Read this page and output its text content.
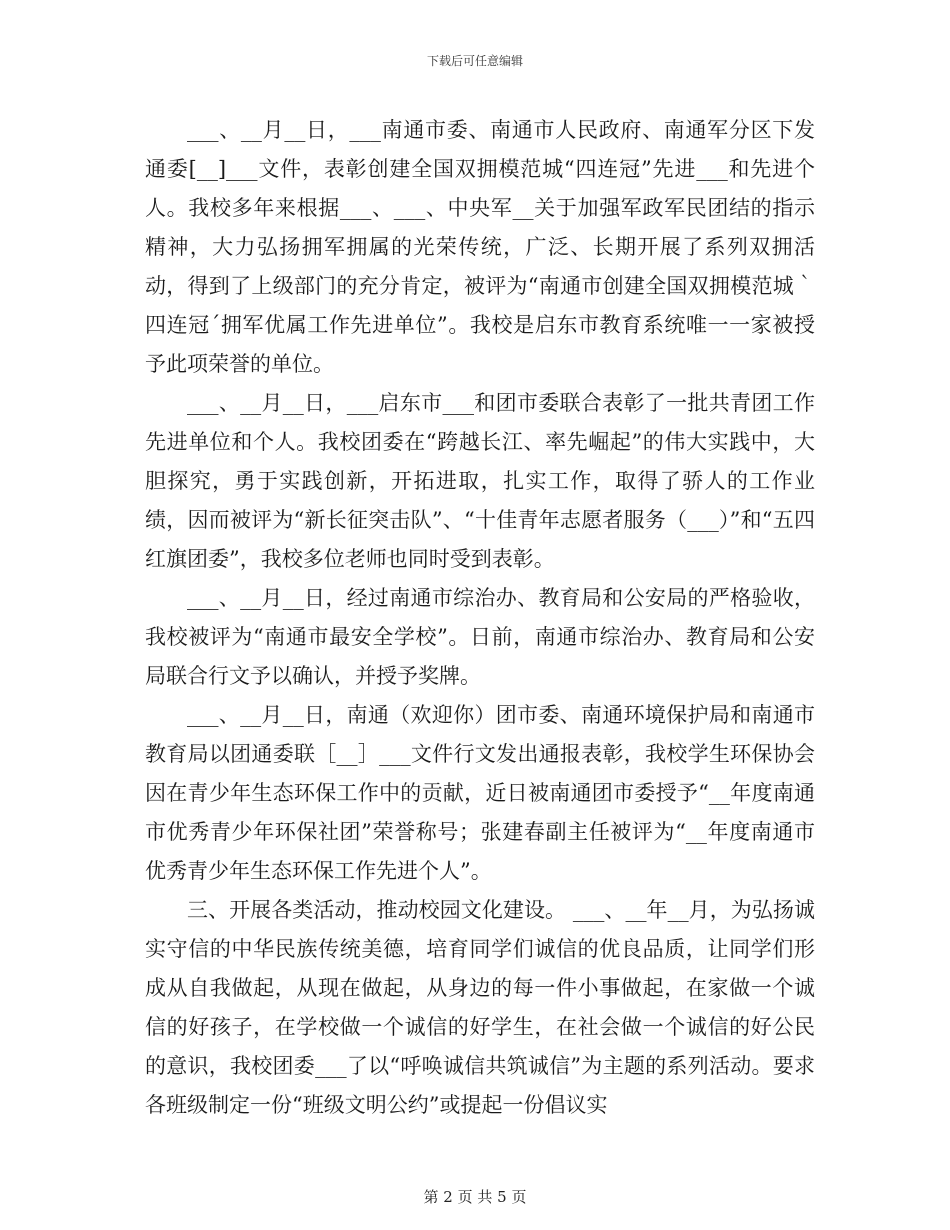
下载后可任意编辑

___、__月__日，___南通市委、南通市人民政府、南通军分区下发通委[__]___文件，表彰创建全国双拥模范城“四连冠”先进___和先进个人。我校多年来根据___、___、中央军__关于加强军政军民团结的指示精神，大力弘扬拥军拥属的光荣传统，广泛、长期开展了系列双拥活动，得到了上级部门的充分肯定，被评为“南通市创建全国双拥模范城｀四连冠´拥军优属工作先进单位”。我校是启东市教育系统唯一一家被授予此项荣誉的单位。

___、__月__日，___启东市___和团市委联合表彰了一批共青团工作先进单位和个人。我校团委在“跨越长江、率先崛起”的伟大实践中，大胆探究，勇于实践创新，开拓进取，扎实工作，取得了骄人的工作业绩，因而被评为“新长征突击队”、“十佳青年志愿者服务（___）”和“五四红旗团委”，我校多位老师也同时受到表彰。

___、__月__日，经过南通市综治办、教育局和公安局的严格验收，我校被评为“南通市最安全学校”。日前，南通市综治办、教育局和公安局联合行文予以确认，并授予奖牌。

___、__月__日，南通（欢迎你）团市委、南通环境保护局和南通市教育局以团通委联［__］___文件行文发出通报表彰，我校学生环保协会因在青少年生态环保工作中的贡献，近日被南通团市委授予“__年度南通市优秀青少年环保社团”荣誉称号；张建春副主任被评为“__年度南通市优秀青少年生态环保工作先进个人”。

三、开展各类活动，推动校园文化建设。 ___、__年__月，为弘扬诚实守信的中华民族传统美德，培育同学们诚信的优良品质，让同学们形成从自我做起，从现在做起，从身边的每一件小事做起，在家做一个诚信的好孩子，在学校做一个诚信的好学生，在社会做一个诚信的好公民的意识，我校团委___了以“呼唤诚信共筑诚信”为主题的系列活动。要求各班级制定一份“班级文明公约”或提起一份倡议实

第 2 页 共 5 页
